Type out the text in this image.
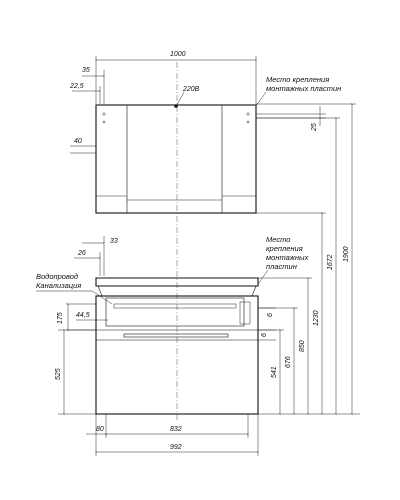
1000
35
22,5
40
220В
Место крепления
монтажных пластин
25
33
26
Место
крепления
монтажных
пластин
Водопровод
Канализация
175 44,5	6
6
525	541
676
850
1230
1672
1900
80	832
992
